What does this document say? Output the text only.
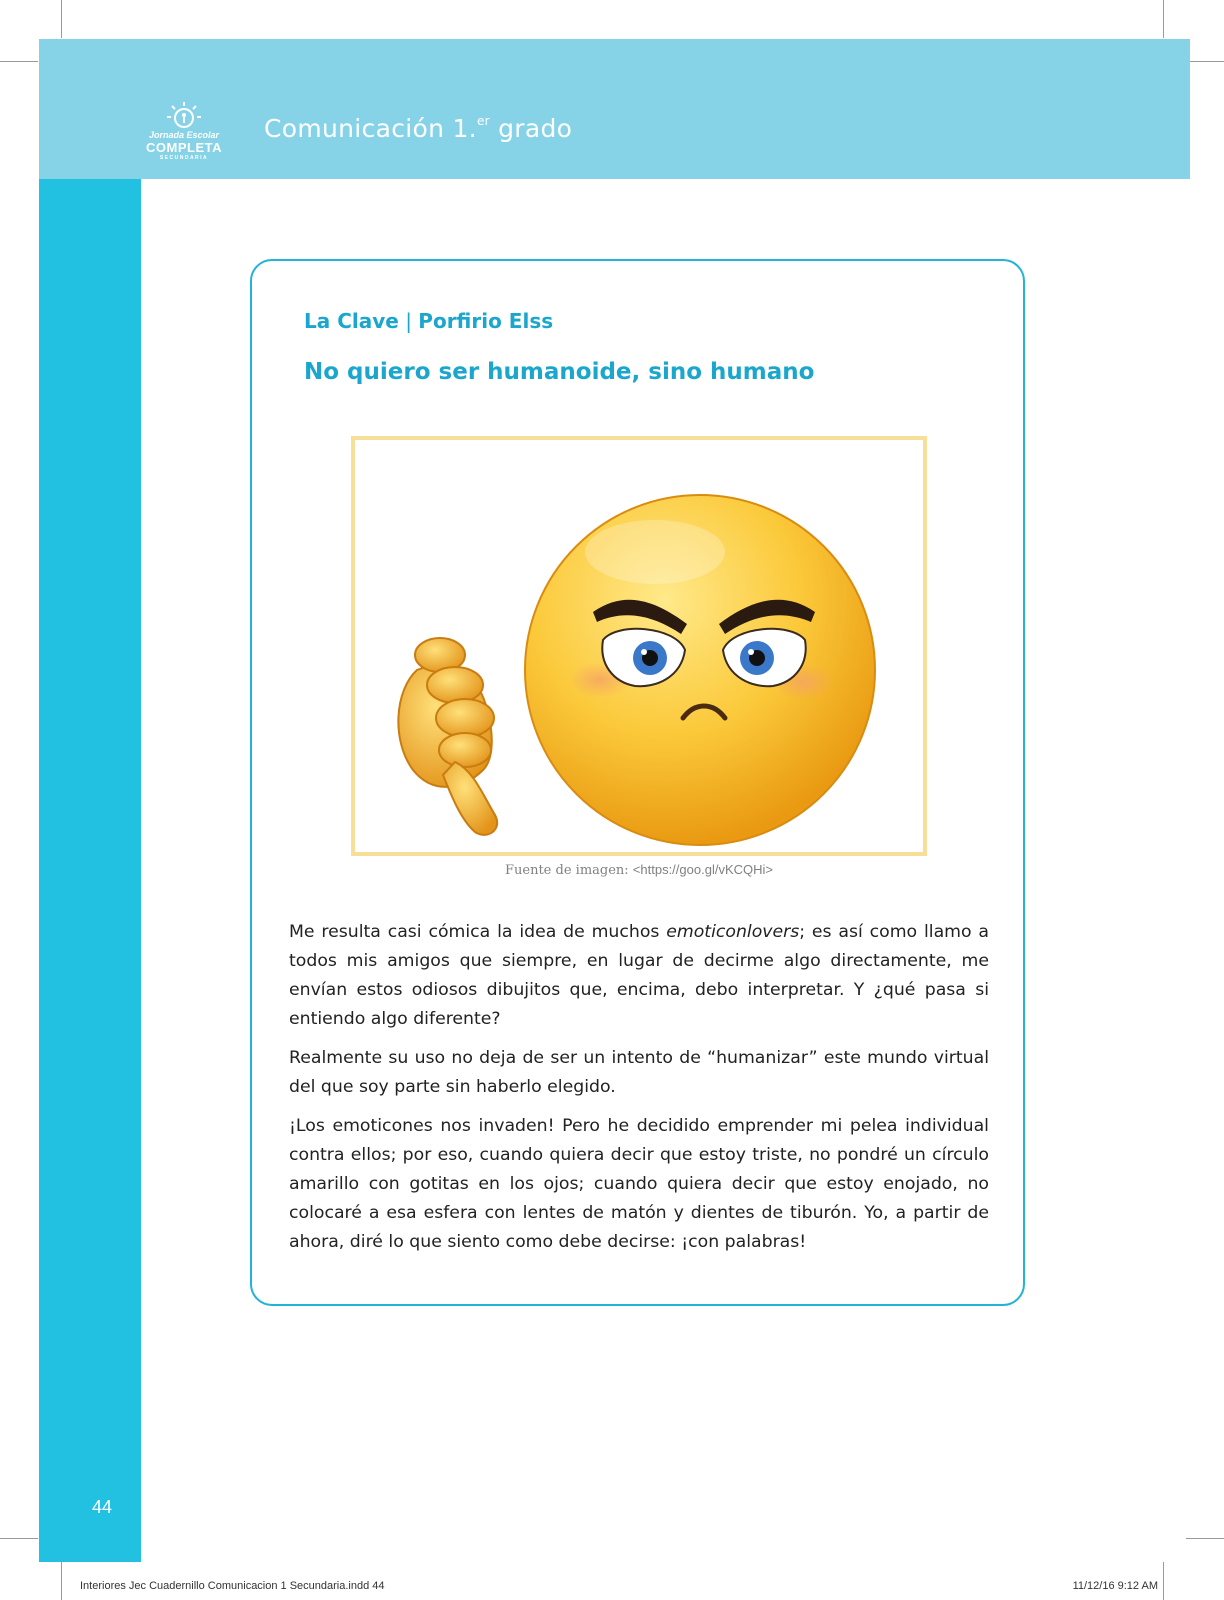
Jornada Escolar
COMPLETA
SECUNDARIA
Comunicación 1.$^{er}$ grado
La Clave | Porfirio Elss
No quiero ser humanoide, sino humano
Fuente de imagen: <https://goo.gl/vKCQHi>

Me resulta casi cómica la idea de muchos emoticonlovers; es así como llamo a todos mis amigos que siempre, en lugar de decirme algo directamente, me envían estos odiosos dibujitos que, encima, debo interpretar. Y ¿qué pasa si entiendo algo diferente?

Realmente su uso no deja de ser un intento de “humanizar” este mundo virtual del que soy parte sin haberlo elegido.

¡Los emoticones nos invaden! Pero he decidido emprender mi pelea individual contra ellos; por eso, cuando quiera decir que estoy triste, no pondré un círculo amarillo con gotitas en los ojos; cuando quiera decir que estoy enojado, no colocaré a esa esfera con lentes de matón y dientes de tiburón. Yo, a partir de ahora, diré lo que siento como debe decirse: ¡con palabras!

44
Interiores Jec Cuadernillo Comunicacion 1 Secundaria.indd 44	11/12/16 9:12 AM
